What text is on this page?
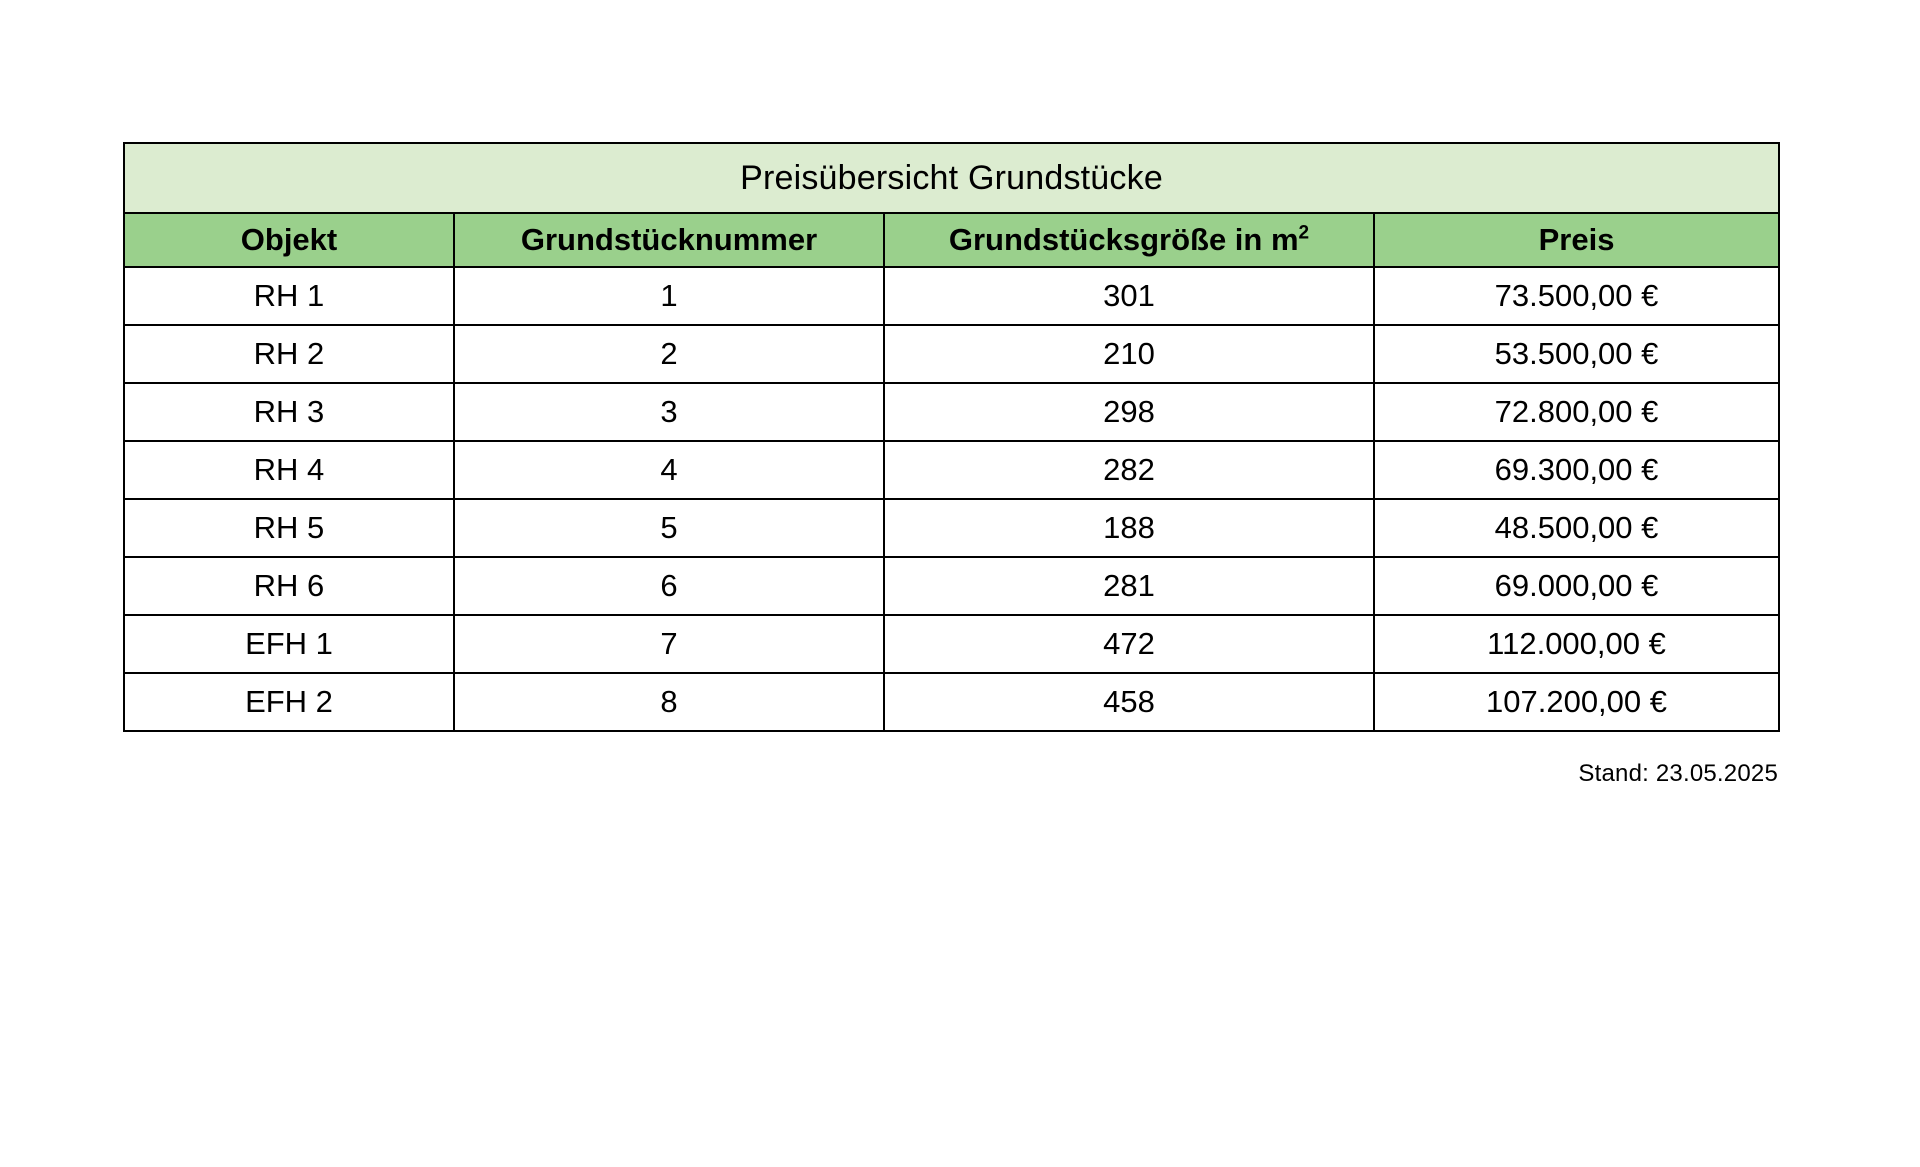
Preisübersicht Grundstücke			
Objekt	Grundstücknummer	Grundstücksgröße in $m^2$	Preis
RH 1	1	301	73.500,00 €
RH 2	2	210	53.500,00 €
RH 3	3	298	72.800,00 €
RH 4	4	282	69.300,00 €
RH 5	5	188	48.500,00 €
RH 6	6	281	69.000,00 €
EFH 1	7	472	112.000,00 €
EFH 2	8	458	107.200,00 €
Stand: 23.05.2025
